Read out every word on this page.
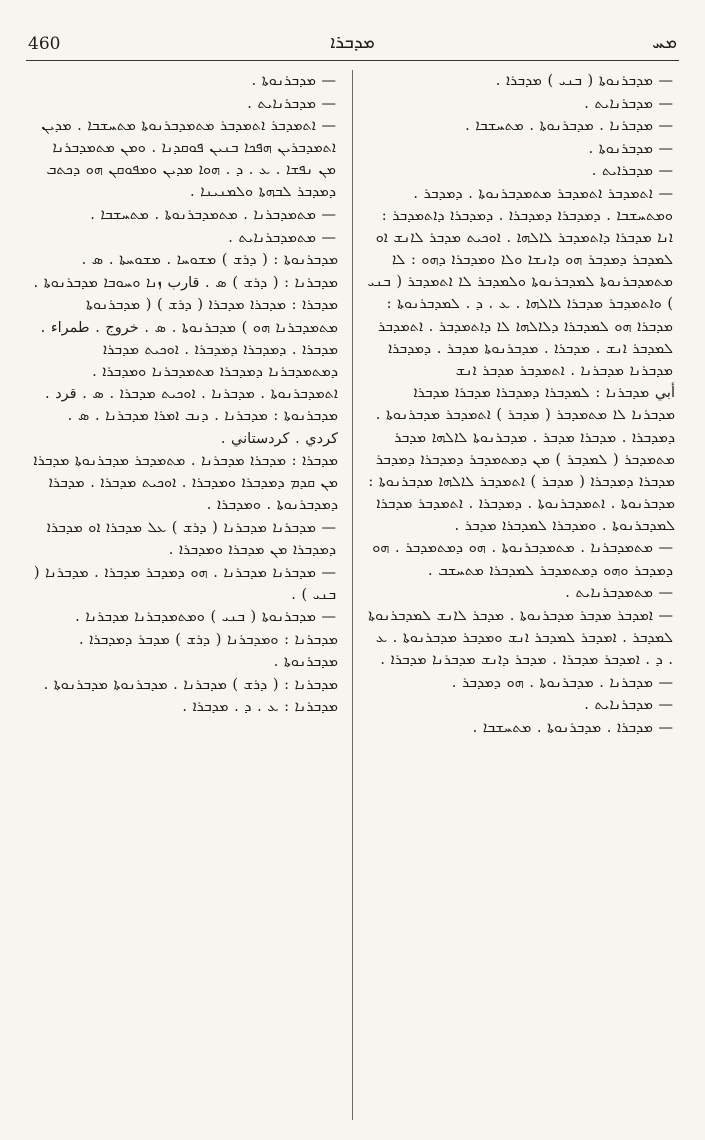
460	ܡܕܒܪܐ	ܡܚ

— ܡܕܒܪܢܘܬܐ ( ܒܢܝ ) ܡܕܒܪܐ .

— ܡܕܒܪܢܐܝܬ .

— ܡܕܒܪܢܐ . ܡܕܒܪܢܘܬܐ . ܡܬܚܫܒܐ .

— ܡܕܒܪܢܘܬܐ .

— ܡܕܒܪܐܝܬ .

— ܐܬܡܕܒܪ ܐܬܡܕܒܪ ܡܬܡܕܒܪܢܘܬܐ . ܕܡܕܒܪ . ܘܡܬܚܫܒܐ . ܕܡܕܒܪܐ ܕܡܕܒܪܐ . ܕܡܕܒܪܐ ܕܐܬܡܕܒܪ : ܐܢܐ ܡܕܒܪܐ ܕܐܬܡܕܒܪ ܠܐܠܗܐ . ܐܘܟܝܬ ܡܕܒܪ ܠܐܢܫ ܐܘ ܠܡܕܒܪ ܕܡܕܒܪ ܗܘ ܕܐܢܫܐ ܘܠܐ ܘܡܕܒܪܐ ܕܗܘ : ܠܐ ܡܬܡܕܒܪܢܘܬܐ ܠܡܕܒܪܢܘܬܐ ܘܠܡܕܒܪ ܠܐ ܐܬܡܕܒܪ ( ܒܢܝ ) ܘܐܬܡܕܒܪ ܡܕܒܪܐ ܠܐܠܗܐ . ܥ . ܕ . ܠܡܕܒܪܢܘܬܐ : ܡܕܒܪܐ ܗܘ ܠܡܕܒܪܐ ܕܠܐܠܗܐ ܠܐ ܕܐܬܡܕܒܪ . ܐܬܡܕܒܪ ܠܡܕܒܪ ܐܢܫ . ܡܕܒܪܐ . ܡܕܒܪܢܘܬܐ ܡܕܒܪ . ܕܡܕܒܪܐ ܡܕܒܪܢܐ ܡܕܒܪܢܐ . ܐܬܡܕܒܪ ܡܕܒܪ ܐܢܫ

أبي ܡܕܒܪܢܐ : ܠܡܕܒܪܐ ܕܡܕܒܪܐ ܡܕܒܪܐ ܡܕܒܪܐ ܡܕܒܪܢܐ ܠܐ ܡܬܡܕܒܪ ( ܡܕܒܪ ) ܐܬܡܕܒܪ ܡܕܒܪܢܘܬܐ . ܕܡܕܒܪܐ . ܡܕܒܪܐ ܡܕܒܪ . ܡܕܒܪܢܘܬܐ ܠܐܠܗܐ ܡܕܒܪ ܡܬܡܕܒܪ ( ܠܡܕܒܪ ) ܡܢ ܕܡܬܡܕܒܪ ܕܡܕܒܪܐ ܕܡܕܒܪ ܡܕܒܪܐ ܕܡܕܒܪܐ ( ܡܕܒܪ ) ܐܬܡܕܒܪ ܠܐܠܗܐ ܡܕܒܪܢܘܬܐ : ܡܕܒܪܢܘܬܐ . ܐܬܡܕܒܪܢܘܬܐ . ܕܡܕܒܪܐ . ܐܬܡܕܒܪ ܡܕܒܪܐ ܠܡܕܒܪܢܘܬܐ . ܘܡܕܒܪܐ ܠܡܕܒܪܐ ܡܕܒܪ .

— ܡܬܡܕܒܪܢܐ . ܡܬܡܕܒܪܢܘܬܐ . ܗܘ ܕܡܬܡܕܒܪ . ܗܘ ܕܡܕܒܪ ܘܗܘ ܕܡܬܡܕܒܪ ܠܡܕܒܪܐ ܡܬܚܫܒ .

— ܡܬܡܕܒܪܢܐܝܬ .

— ܐܡܕܒܪ ܡܕܒܪ ܡܕܒܪܢܘܬܐ . ܡܕܒܪ ܠܐܢܫ ܠܡܕܒܪܢܘܬܐ ܠܡܕܒܪ . ܐܡܕܒܪ ܠܡܕܒܪ ܐܢܫ ܘܡܕܒܪ ܡܕܒܪܢܘܬܐ . ܥ . ܕ . ܐܡܕܒܪ ܡܕܒܪܐ . ܡܕܒܪ ܕܐܢܫ ܡܕܒܪܢܐ ܡܕܒܪܐ .

— ܡܕܒܪܢܐ . ܡܕܒܪܢܘܬܐ . ܗܘ ܕܡܕܒܪ .

— ܡܕܒܪܢܐܝܬ .

— ܡܕܒܪܐ . ܡܕܒܪܢܘܬܐ . ܡܬܚܫܒܐ .

— ܡܕܒܪܢܘܬܐ .

— ܡܕܒܪܢܐܝܬ .

— ܐܬܡܕܒܪ ܐܬܡܕܒܪ ܡܬܡܕܒܪܢܘܬܐ ܡܬܚܫܒܐ . ܡܕܝܢ ܐܬܡܕܒܪܝܢ ܗܦܟܐ ܒܢܝܢ ܦܘܩܕܢܐ . ܘܡܢ ܡܬܡܕܒܪܢܐ ܡܢ ܢܦܫܐ . ܥ . ܕ . ܗܘܐ ܡܕܝܢ ܘܡܦܘܩܢ ܗܘ ܕܟܬܒ ܕܡܕܒܪ ܠܒܗܬܐ ܘܠܡܢܝܢܐ .

— ܡܬܡܕܒܪܢܐ . ܡܬܡܕܒܪܢܘܬܐ . ܡܬܚܫܒܐ .

— ܡܬܡܕܒܪܢܐܝܬ .

ܡܕܒܪܢܘܬܐ : ( ܕܪܫ ) ܡܫܘܚܐ . ܡܫܘܚܬܐ . ܣ .

ܡܕܒܪܢܐ : ( ܕܪܫ ) ܣ . قارب ܙܢܐ ܘܚܘܒܐ ܡܕܒܪܢܘܬܐ .

ܡܕܒܪܐ : ܡܕܒܪܐ ܡܕܒܪܐ ( ܕܪܫ ) ( ܡܕܒܪܢܘܬܐ ܡܬܡܕܒܪܢܐ ܗܘ ) ܡܕܒܪܢܘܬܐ . ܣ . خروج . طمراء . ܡܕܒܪܐ . ܕܡܕܒܪܐ ܕܡܕܒܪܐ . ܐܘܟܝܬ ܡܕܒܪܐ ܕܡܬܡܕܒܪܢܐ ܕܡܕܒܪܐ ܡܬܡܕܒܪܢܐ ܘܡܕܒܪܐ . ܐܬܡܕܒܪܢܘܬܐ . ܡܕܒܪܢܐ . ܐܘܟܝܬ ܡܕܒܪܐ . ܣ . قرد .

ܡܕܒܪܢܘܬܐ : ܡܕܒܪܢܐ . ܕܢܒ ܐܡܪܐ ܡܕܒܪܢܐ . ܣ . كردي . كردستاني .

ܡܕܒܪܐ : ܡܕܒܪܐ ܡܕܒܪܢܐ . ܡܬܡܕܒܪ ܡܕܒܪܢܘܬܐ ܡܕܒܪܐ ܡܢ ܩܕܡ ܕܡܕܒܪܐ ܘܡܕܒܪܐ . ܐܘܟܝܬ ܡܕܒܪܐ . ܡܕܒܪܐ ܕܡܕܒܪܢܘܬܐ . ܘܡܕܒܪܐ .

— ܡܕܒܪܢܐ ܡܕܒܪܢܐ ( ܕܪܫ ) ܥܠ ܡܕܒܪܐ ܐܘ ܡܕܒܪܐ ܕܡܕܒܪܐ ܡܢ ܡܕܒܪܐ ܘܡܕܒܪܐ .

— ܡܕܒܪܢܐ ܡܕܒܪܢܐ . ܗܘ ܕܡܕܒܪ ܡܕܒܪܐ . ܡܕܒܪܢܐ ( ܒܢܝ ) .

— ܡܕܒܪܢܘܬܐ ( ܒܢܝ ) ܘܡܬܡܕܒܪܢܐ ܡܕܒܪܢܐ .

ܡܕܒܪܢܐ : ܘܡܕܒܪܢܐ ( ܕܪܫ ) ܡܕܒܪ ܕܡܕܒܪܐ . ܡܕܒܪܢܘܬܐ .

ܡܕܒܪܢܐ : ( ܕܪܫ ) ܡܕܒܪܢܐ . ܡܕܒܪܢܘܬܐ ܡܕܒܪܢܘܬܐ .

ܡܕܒܪܢܐ : ܥ . ܕ . ܡܕܒܪܐ .
